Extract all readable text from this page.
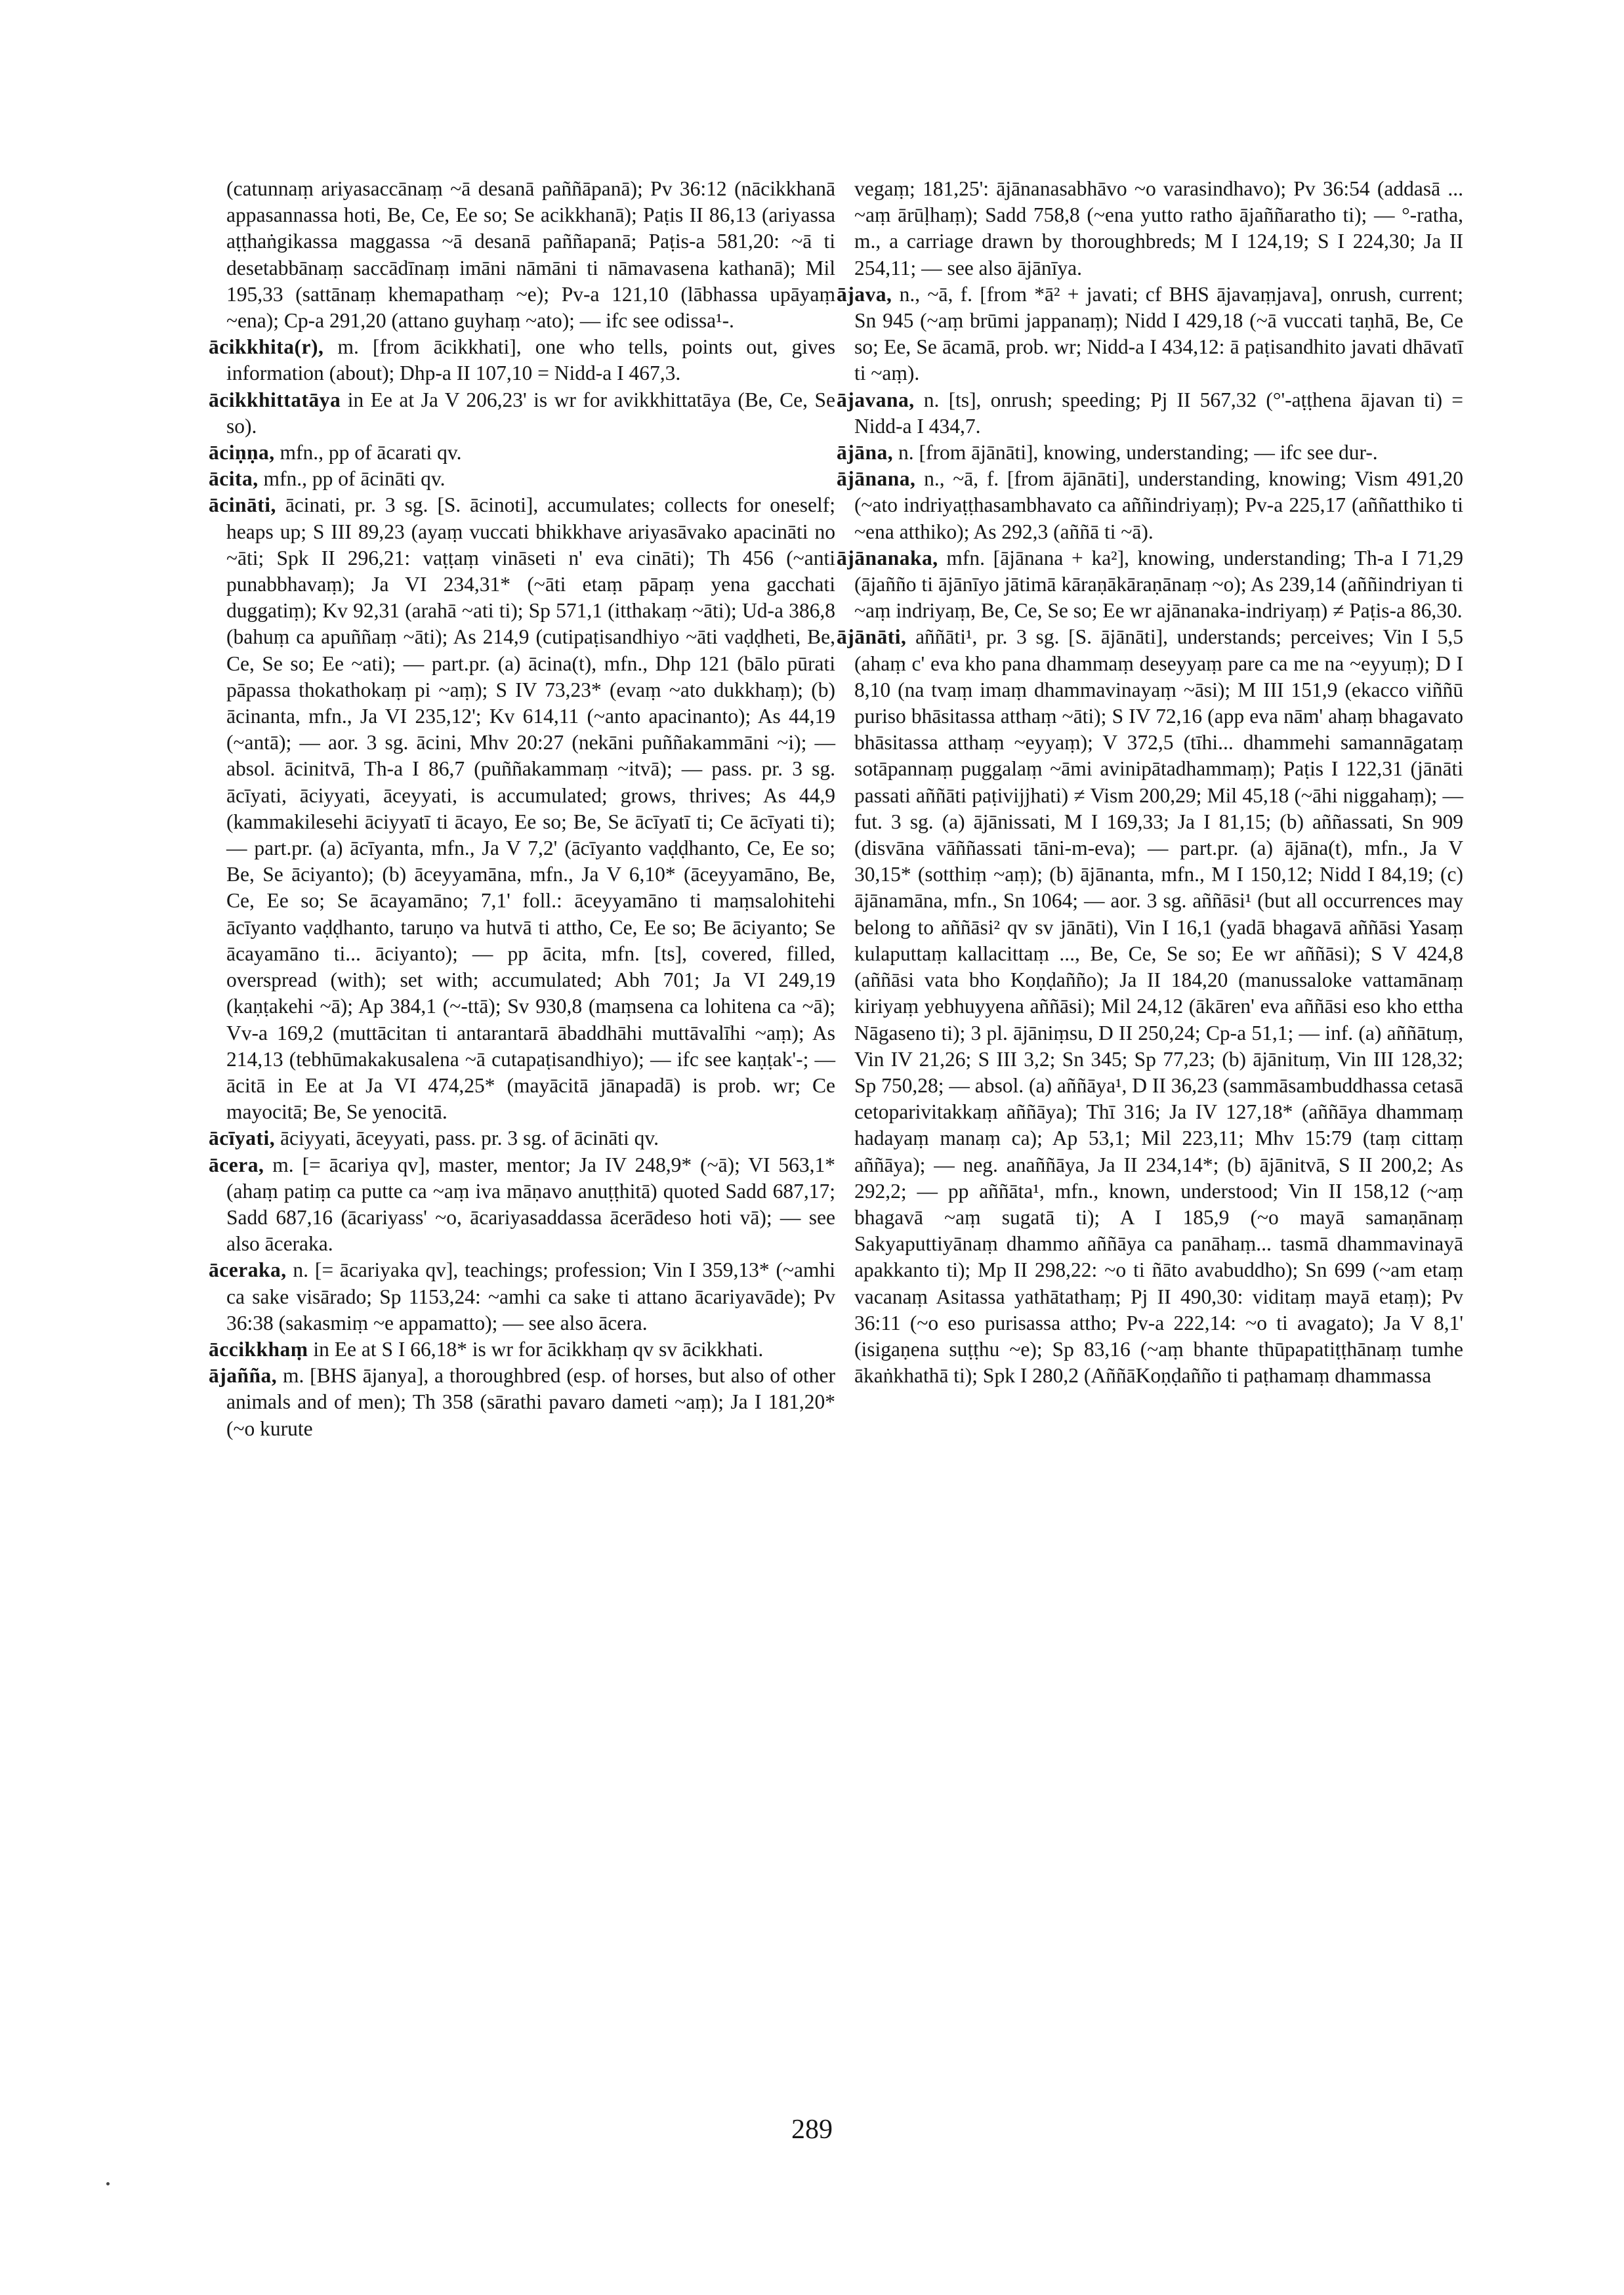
(catunnaṃ ariyasaccānaṃ ~ā desanā paññāpanā); Pv 36:12 (nācikkhanā appasannassa hoti, Be, Ce, Ee so; Se acikkhanā); Paṭis II 86,13 (ariyassa aṭṭhaṅgikassa maggassa ~ā desanā paññapanā; Paṭis-a 581,20: ~ā ti desetabbānaṃ saccādīnaṃ imāni nāmāni ti nāmavasena kathanā); Mil 195,33 (sattānaṃ khemapathaṃ ~e); Pv-a 121,10 (lābhassa upāyaṃ ~ena); Cp-a 291,20 (attano guyhaṃ ~ato); — ifc see odissa¹-.

ācikkhita(r), m. [from ācikkhati], one who tells, points out, gives information (about); Dhp-a II 107,10 = Nidd-a I 467,3.

ācikkhittatāya in Ee at Ja V 206,23' is wr for avikkhittatāya (Be, Ce, Se so).

āciṇṇa, mfn., pp of ācarati qv.

ācita, mfn., pp of ācināti qv.

ācināti, ācinati, pr. 3 sg. [S. ācinoti], accumulates; collects for oneself; heaps up; S III 89,23 (ayaṃ vuccati bhikkhave ariyasāvako apacināti no ~āti; Spk II 296,21: vaṭṭaṃ vināseti n' eva cināti); Th 456 (~anti punabbhavaṃ); Ja VI 234,31* (~āti etaṃ pāpaṃ yena gacchati duggatiṃ); Kv 92,31 (arahā ~ati ti); Sp 571,1 (itthakaṃ ~āti); Ud-a 386,8 (bahuṃ ca apuññaṃ ~āti); As 214,9 (cutipaṭisandhiyo ~āti vaḍḍheti, Be, Ce, Se so; Ee ~ati); — part.pr. (a) ācina(t), mfn., Dhp 121 (bālo pūrati pāpassa thokathokaṃ pi ~aṃ); S IV 73,23* (evaṃ ~ato dukkhaṃ); (b) ācinanta, mfn., Ja VI 235,12'; Kv 614,11 (~anto apacinanto); As 44,19 (~antā); — aor. 3 sg. ācini, Mhv 20:27 (nekāni puññakammāni ~i); — absol. ācinitvā, Th-a I 86,7 (puññakammaṃ ~itvā); — pass. pr. 3 sg. ācīyati, āciyyati, āceyyati, is accumulated; grows, thrives; As 44,9 (kammakilesehi āciyyatī ti ācayo, Ee so; Be, Se ācīyatī ti; Ce ācīyati ti); — part.pr. (a) ācīyanta, mfn., Ja V 7,2' (ācīyanto vaḍḍhanto, Ce, Ee so; Be, Se āciyanto); (b) āceyyamāna, mfn., Ja V 6,10* (āceyyamāno, Be, Ce, Ee so; Se ācayamāno; 7,1' foll.: āceyyamāno ti maṃsalohitehi ācīyanto vaḍḍhanto, taruṇo va hutvā ti attho, Ce, Ee so; Be āciyanto; Se ācayamāno ti... āciyanto); — pp ācita, mfn. [ts], covered, filled, overspread (with); set with; accumulated; Abh 701; Ja VI 249,19 (kaṇṭakehi ~ā); Ap 384,1 (~-ttā); Sv 930,8 (maṃsena ca lohitena ca ~ā); Vv-a 169,2 (muttācitan ti antarantarā ābaddhāhi muttāvalīhi ~aṃ); As 214,13 (tebhūmakakusalena ~ā cutapaṭisandhiyo); — ifc see kaṇṭak'-; — ācitā in Ee at Ja VI 474,25* (mayācitā jānapadā) is prob. wr; Ce mayocitā; Be, Se yenocitā.

ācīyati, āciyyati, āceyyati, pass. pr. 3 sg. of ācināti qv.

ācera, m. [= ācariya qv], master, mentor; Ja IV 248,9* (~ā); VI 563,1* (ahaṃ patiṃ ca putte ca ~aṃ iva māṇavo anuṭṭhitā) quoted Sadd 687,17; Sadd 687,16 (ācariyass' ~o, ācariyasaddassa ācerādeso hoti vā); — see also āceraka.

āceraka, n. [= ācariyaka qv], teachings; profession; Vin I 359,13* (~amhi ca sake visārado; Sp 1153,24: ~amhi ca sake ti attano ācariyavāde); Pv 36:38 (sakasmiṃ ~e appamatto); — see also ācera.

āccikkhaṃ in Ee at S I 66,18* is wr for ācikkhaṃ qv sv ācikkhati.

ājañña, m. [BHS ājanya], a thoroughbred (esp. of horses, but also of other animals and of men); Th 358 (sārathi pavaro dameti ~aṃ); Ja I 181,20* (~o kurute

vegaṃ; 181,25': ājānanasabhāvo ~o varasindhavo); Pv 36:54 (addasā ... ~aṃ ārūḷhaṃ); Sadd 758,8 (~ena yutto ratho ājaññaratho ti); — °-ratha, m., a carriage drawn by thoroughbreds; M I 124,19; S I 224,30; Ja II 254,11; — see also ājānīya.

ājava, n., ~ā, f. [from *ā² + javati; cf BHS ājavaṃjava], onrush, current; Sn 945 (~aṃ brūmi jappanaṃ); Nidd I 429,18 (~ā vuccati taṇhā, Be, Ce so; Ee, Se ācamā, prob. wr; Nidd-a I 434,12: ā paṭisandhito javati dhāvatī ti ~aṃ).

ājavana, n. [ts], onrush; speeding; Pj II 567,32 (°'-aṭṭhena ājavan ti) = Nidd-a I 434,7.

ājāna, n. [from ājānāti], knowing, understanding; — ifc see dur-.

ājānana, n., ~ā, f. [from ājānāti], understanding, knowing; Vism 491,20 (~ato indriyaṭṭhasambhavato ca aññindriyaṃ); Pv-a 225,17 (aññatthiko ti ~ena atthiko); As 292,3 (aññā ti ~ā).

ājānanaka, mfn. [ājānana + ka²], knowing, understanding; Th-a I 71,29 (ājañño ti ājānīyo jātimā kāraṇākāraṇānaṃ ~o); As 239,14 (aññindriyan ti ~aṃ indriyaṃ, Be, Ce, Se so; Ee wr ajānanaka-indriyaṃ) ≠ Paṭis-a 86,30.

ājānāti, aññāti¹, pr. 3 sg. [S. ājānāti], understands; perceives; Vin I 5,5 (ahaṃ c' eva kho pana dhammaṃ deseyyaṃ pare ca me na ~eyyuṃ); D I 8,10 (na tvaṃ imaṃ dhammavinayaṃ ~āsi); M III 151,9 (ekacco viññū puriso bhāsitassa atthaṃ ~āti); S IV 72,16 (app eva nām' ahaṃ bhagavato bhāsitassa atthaṃ ~eyyaṃ); V 372,5 (tīhi... dhammehi samannāgataṃ sotāpannaṃ puggalaṃ ~āmi avinipātadhammaṃ); Paṭis I 122,31 (jānāti passati aññāti paṭivijjhati) ≠ Vism 200,29; Mil 45,18 (~āhi niggahaṃ); — fut. 3 sg. (a) ājānissati, M I 169,33; Ja I 81,15; (b) aññassati, Sn 909 (disvāna vāññassati tāni-m-eva); — part.pr. (a) ājāna(t), mfn., Ja V 30,15* (sotthiṃ ~aṃ); (b) ājānanta, mfn., M I 150,12; Nidd I 84,19; (c) ājānamāna, mfn., Sn 1064; — aor. 3 sg. aññāsi¹ (but all occurrences may belong to aññāsi² qv sv jānāti), Vin I 16,1 (yadā bhagavā aññāsi Yasaṃ kulaputtaṃ kallacittaṃ ..., Be, Ce, Se so; Ee wr aññāsi); S V 424,8 (aññāsi vata bho Koṇḍañño); Ja II 184,20 (manussaloke vattamānaṃ kiriyaṃ yebhuyyena aññāsi); Mil 24,12 (ākāren' eva aññāsi eso kho ettha Nāgaseno ti); 3 pl. ājāniṃsu, D II 250,24; Cp-a 51,1; — inf. (a) aññātuṃ, Vin IV 21,26; S III 3,2; Sn 345; Sp 77,23; (b) ājānituṃ, Vin III 128,32; Sp 750,28; — absol. (a) aññāya¹, D II 36,23 (sammāsambuddhassa cetasā cetoparivitakkaṃ aññāya); Thī 316; Ja IV 127,18* (aññāya dhammaṃ hadayaṃ manaṃ ca); Ap 53,1; Mil 223,11; Mhv 15:79 (taṃ cittaṃ aññāya); — neg. anaññāya, Ja II 234,14*; (b) ājānitvā, S II 200,2; As 292,2; — pp aññāta¹, mfn., known, understood; Vin II 158,12 (~aṃ bhagavā ~aṃ sugatā ti); A I 185,9 (~o mayā samaṇānaṃ Sakyaputtiyānaṃ dhammo aññāya ca panāhaṃ... tasmā dhammavinayā apakkanto ti); Mp II 298,22: ~o ti ñāto avabuddho); Sn 699 (~am etaṃ vacanaṃ Asitassa yathātathaṃ; Pj II 490,30: viditaṃ mayā etaṃ); Pv 36:11 (~o eso purisassa attho; Pv-a 222,14: ~o ti avagato); Ja V 8,1' (isigaṇena suṭṭhu ~e); Sp 83,16 (~aṃ bhante thūpapatiṭṭhānaṃ tumhe ākaṅkhathā ti); Spk I 280,2 (AññāKoṇḍañño ti paṭhamaṃ dhammassa

289
